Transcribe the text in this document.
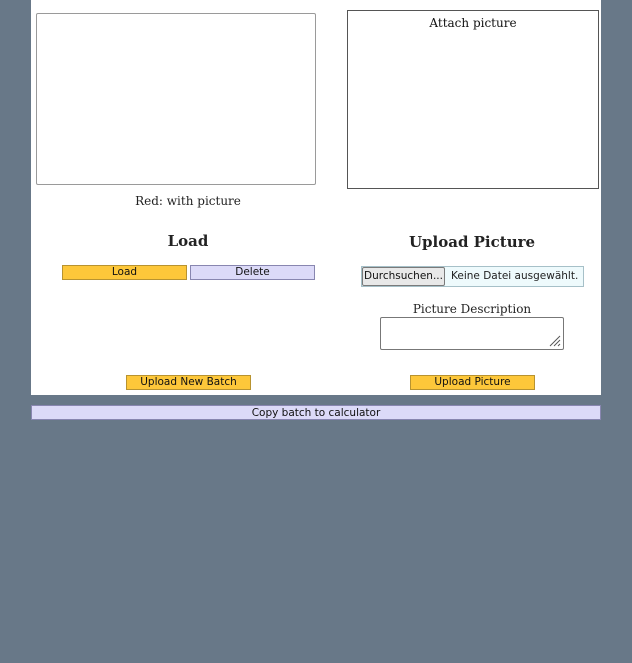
Attach picture
Red: with picture
Load	Upload Picture
Load	Delete	Durchsuchen... Keine Datei ausgewählt.
Picture Description
Upload New Batch	Upload Picture
Copy batch to calculator
